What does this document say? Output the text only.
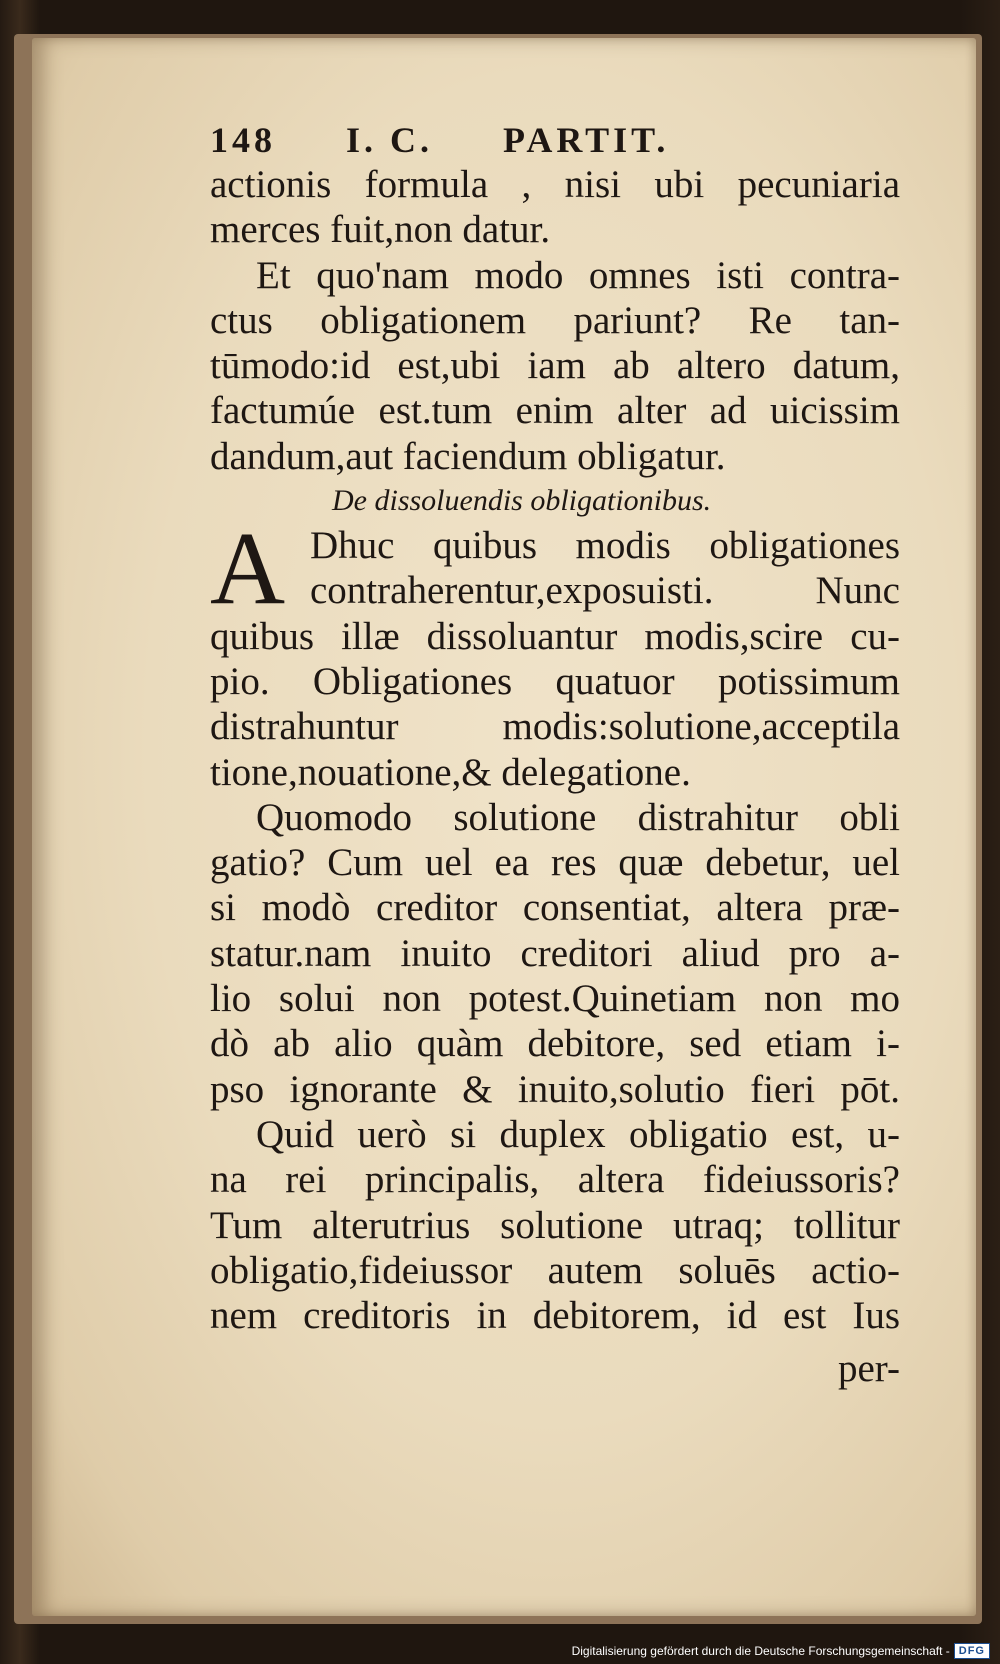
148 I. C. PARTIT.
actionis formula , nisi ubi pecuniaria
merces fuit,non datur.
Et quo'nam modo omnes isti contra-
ctus obligationem pariunt? Re tan-
tūmodo:id est,ubi iam ab altero datum,
factumúe est.tum enim alter ad uicissim
dandum,aut faciendum obligatur.
De dissoluendis obligationibus.
A Dhuc quibus modis obligationes
contraherentur,exposuisti. Nunc
quibus illæ dissoluantur modis,scire cu-
pio. Obligationes quatuor potissimum
distrahuntur modis:solutione,acceptila
tione,nouatione,& delegatione.
Quomodo solutione distrahitur obli
gatio? Cum uel ea res quæ debetur, uel
si modò creditor consentiat, altera præ-
statur.nam inuito creditori aliud pro a-
lio solui non potest.Quinetiam non mo
dò ab alio quàm debitore, sed etiam i-
pso ignorante & inuito,solutio fieri pōt.
Quid uerò si duplex obligatio est, u-
na rei principalis, altera fideiussoris?
Tum alterutrius solutione utraq; tollitur
obligatio,fideiussor autem soluēs actio-
nem creditoris in debitorem, id est Ius
per-
Digitalisierung gefördert durch die Deutsche Forschungsgemeinschaft - DFG
